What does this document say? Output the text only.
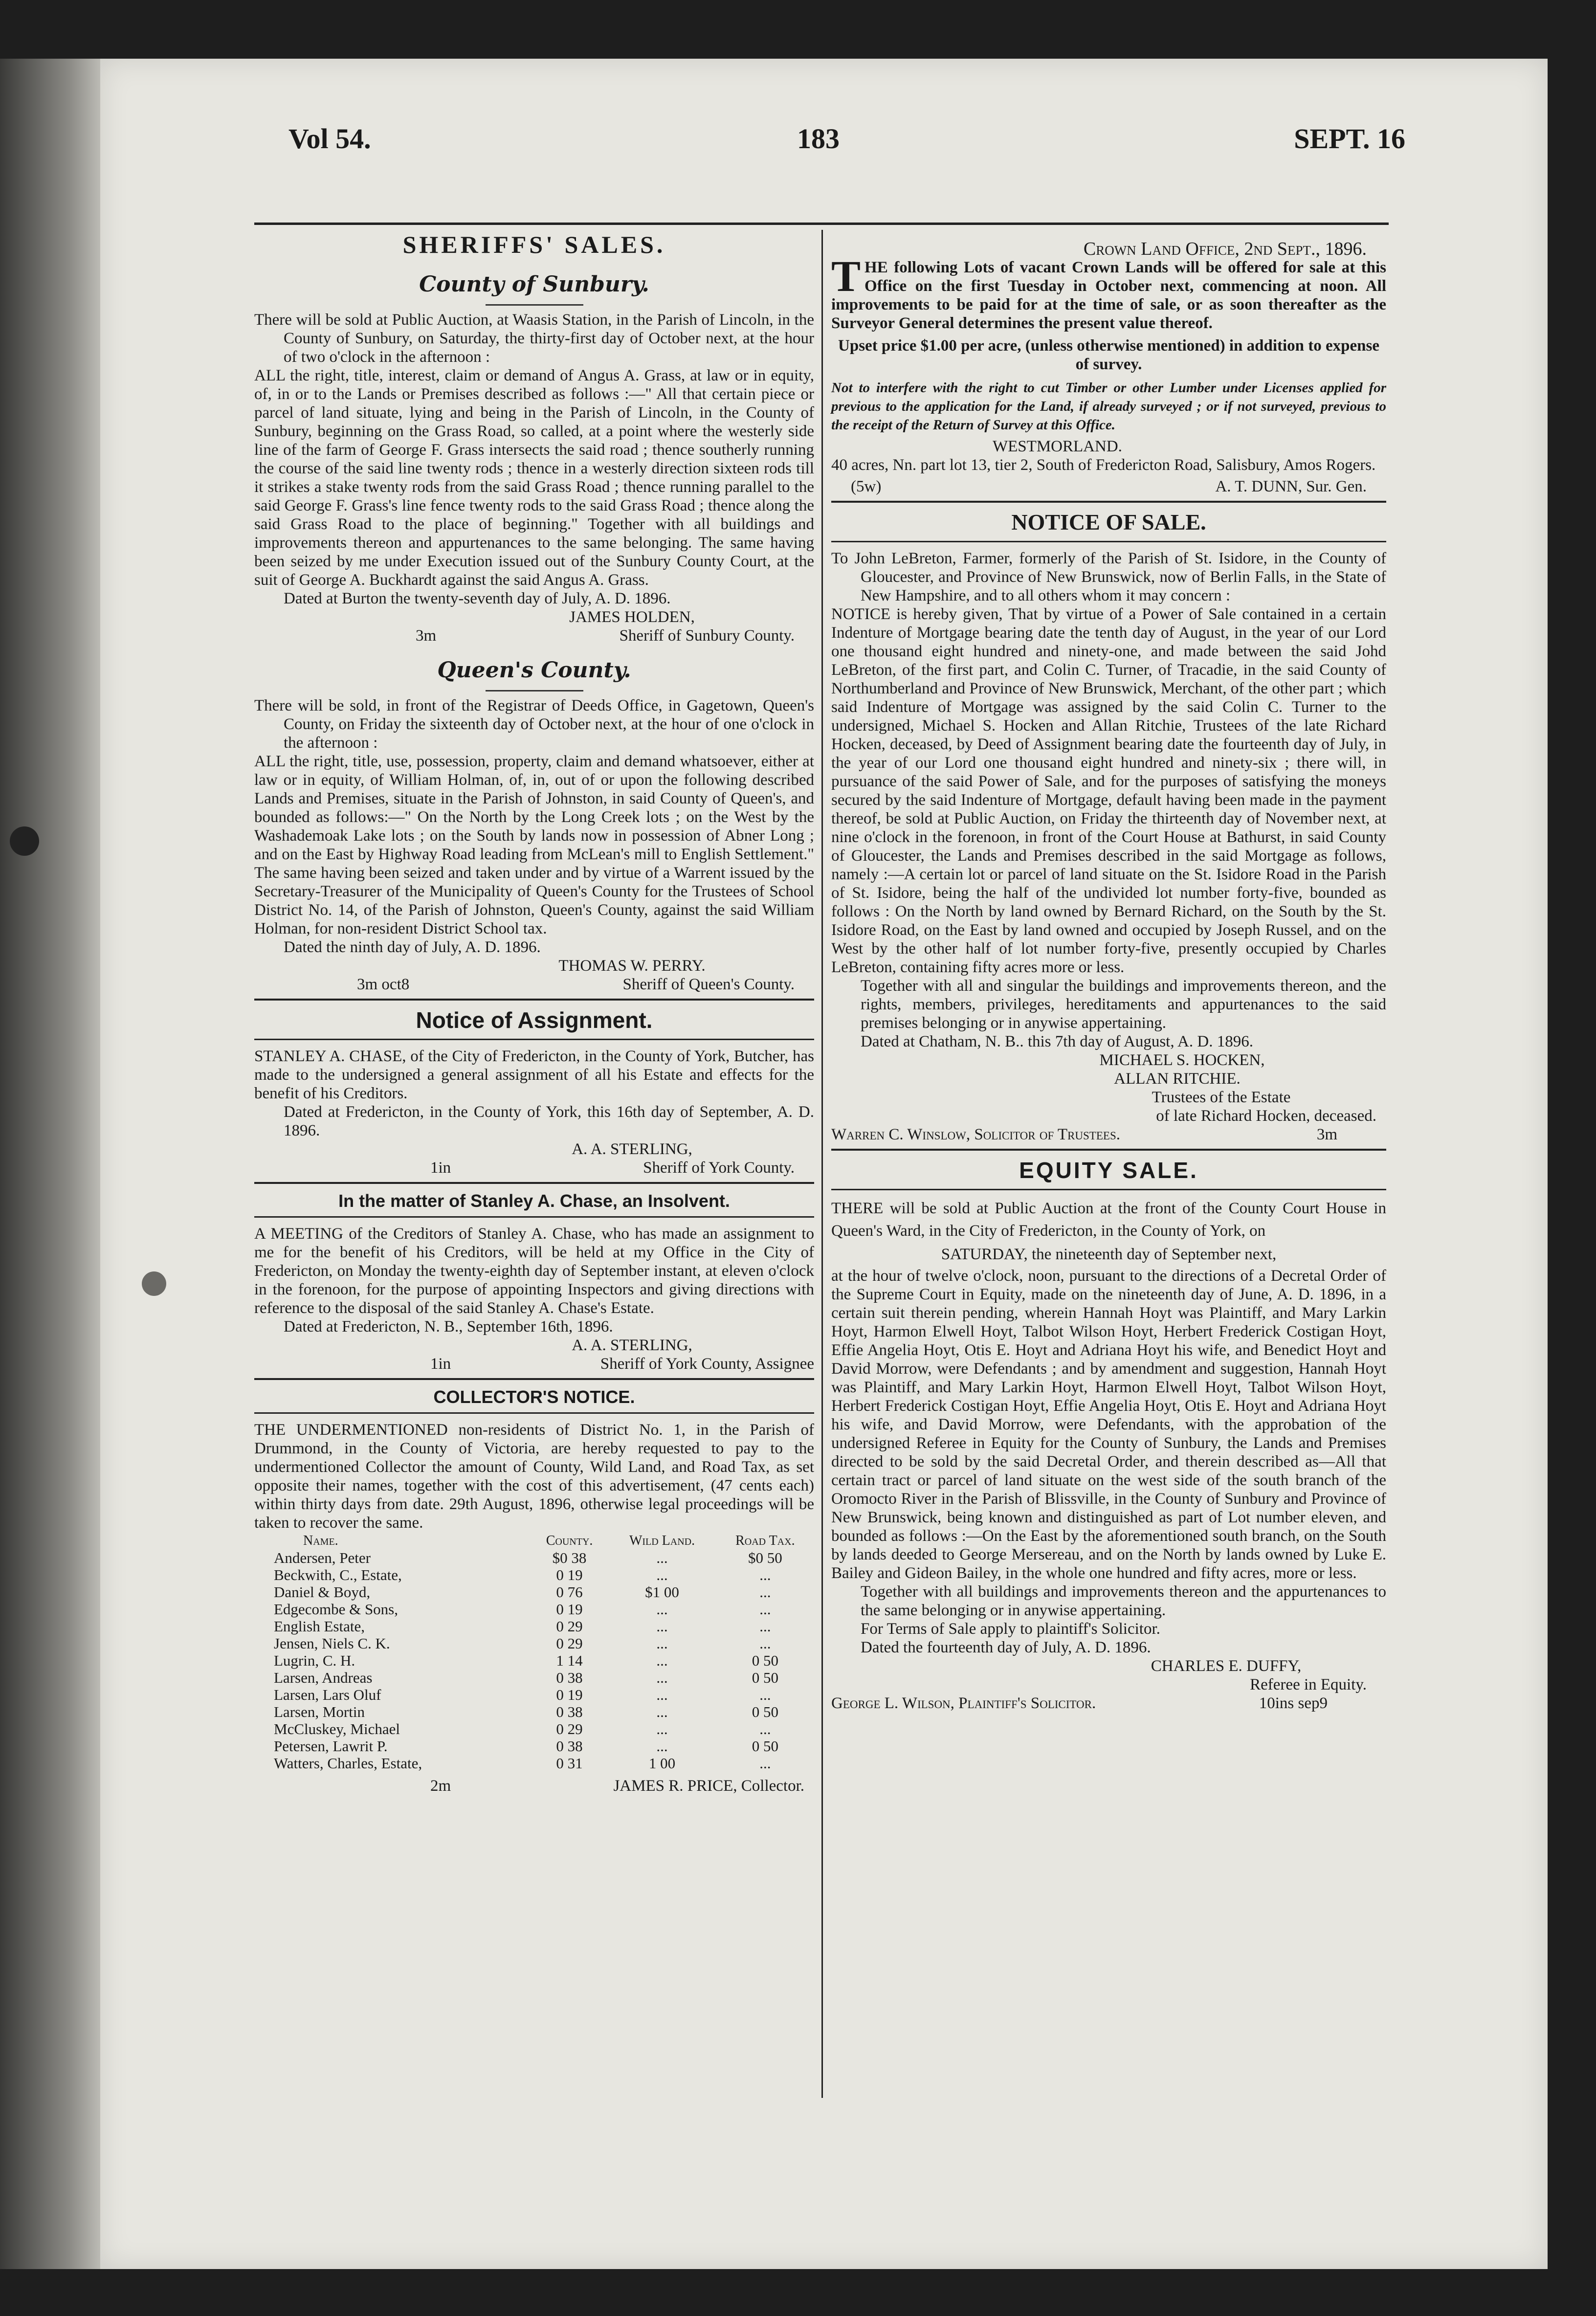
Vol 54.	183	SEPT. 16
SHERIFFS' SALES.
County of Sunbury.

There will be sold at Public Auction, at Waasis Station, in the Parish of Lincoln, in the County of Sunbury, on Saturday, the thirty-first day of October next, at the hour of two o'clock in the afternoon :

ALL the right, title, interest, claim or demand of Angus A. Grass, at law or in equity, of, in or to the Lands or Premises described as follows :—" All that certain piece or parcel of land situate, lying and being in the Parish of Lincoln, in the County of Sunbury, beginning on the Grass Road, so called, at a point where the westerly side line of the farm of George F. Grass intersects the said road ; thence southerly running the course of the said line twenty rods ; thence in a westerly direction sixteen rods till it strikes a stake twenty rods from the said Grass Road ; thence running parallel to the said George F. Grass's line fence twenty rods to the said Grass Road ; thence along the said Grass Road to the place of beginning." Together with all buildings and improvements thereon and appurtenances to the same belonging. The same having been seized by me under Execution issued out of the Sunbury County Court, at the suit of George A. Buckhardt against the said Angus A. Grass.

Dated at Burton the twenty-seventh day of July, A. D. 1896.

JAMES HOLDEN,

3m	Sheriff of Sunbury County.
Queen's County.

There will be sold, in front of the Registrar of Deeds Office, in Gagetown, Queen's County, on Friday the sixteenth day of October next, at the hour of one o'clock in the afternoon :

ALL the right, title, use, possession, property, claim and demand whatsoever, either at law or in equity, of William Holman, of, in, out of or upon the following described Lands and Premises, situate in the Parish of Johnston, in said County of Queen's, and bounded as follows:—" On the North by the Long Creek lots ; on the West by the Washademoak Lake lots ; on the South by lands now in possession of Abner Long ; and on the East by Highway Road leading from McLean's mill to English Settlement." The same having been seized and taken under and by virtue of a Warrent issued by the Secretary-Treasurer of the Municipality of Queen's County for the Trustees of School District No. 14, of the Parish of Johnston, Queen's County, against the said William Holman, for non-resident District School tax.

Dated the ninth day of July, A. D. 1896.

THOMAS W. PERRY.

3m oct8	Sheriff of Queen's County.
Notice of Assignment.

STANLEY A. CHASE, of the City of Fredericton, in the County of York, Butcher, has made to the undersigned a general assignment of all his Estate and effects for the benefit of his Creditors.

Dated at Fredericton, in the County of York, this 16th day of September, A. D. 1896.

A. A. STERLING,

1in	Sheriff of York County.
In the matter of Stanley A. Chase, an Insolvent.

A MEETING of the Creditors of Stanley A. Chase, who has made an assignment to me for the benefit of his Creditors, will be held at my Office in the City of Fredericton, on Monday the twenty-eighth day of September instant, at eleven o'clock in the forenoon, for the purpose of appointing Inspectors and giving directions with reference to the disposal of the said Stanley A. Chase's Estate.

Dated at Fredericton, N. B., September 16th, 1896.

A. A. STERLING,

1in	Sheriff of York County, Assignee
COLLECTOR'S NOTICE.

THE UNDERMENTIONED non-residents of District No. 1, in the Parish of Drummond, in the County of Victoria, are hereby requested to pay to the undermentioned Collector the amount of County, Wild Land, and Road Tax, as set opposite their names, together with the cost of this advertisement, (47 cents each) within thirty days from date. 29th August, 1896, otherwise legal proceedings will be taken to recover the same.

Name.	County.	Wild Land.	Road Tax.
Andersen, Peter	$0 38	...	$0 50
Beckwith, C., Estate,	0 19	...	...
Daniel & Boyd,	0 76	$1 00	...
Edgecombe & Sons,	0 19	...	...
English Estate,	0 29	...	...
Jensen, Niels C. K.	0 29	...	...
Lugrin, C. H.	1 14	...	0 50
Larsen, Andreas	0 38	...	0 50
Larsen, Lars Oluf	0 19	...	...
Larsen, Mortin	0 38	...	0 50
McCluskey, Michael	0 29	...	...
Petersen, Lawrit P.	0 38	...	0 50
Watters, Charles, Estate,	0 31	1 00	...
2m	JAMES R. PRICE, Collector.

Crown Land Office, 2nd Sept., 1896.

THE following Lots of vacant Crown Lands will be offered for sale at this Office on the first Tuesday in October next, commencing at noon. All improvements to be paid for at the time of sale, or as soon thereafter as the Surveyor General determines the present value thereof.

Upset price $1.00 per acre, (unless otherwise mentioned) in addition to expense of survey.

Not to interfere with the right to cut Timber or other Lumber under Licenses applied for previous to the application for the Land, if already surveyed ; or if not surveyed, previous to the receipt of the Return of Survey at this Office.

WESTMORLAND.

40 acres, Nn. part lot 13, tier 2, South of Fredericton Road, Salisbury, Amos Rogers.

(5w)	A. T. DUNN, Sur. Gen.
NOTICE OF SALE.

To John LeBreton, Farmer, formerly of the Parish of St. Isidore, in the County of Gloucester, and Province of New Brunswick, now of Berlin Falls, in the State of New Hampshire, and to all others whom it may concern :

NOTICE is hereby given, That by virtue of a Power of Sale contained in a certain Indenture of Mortgage bearing date the tenth day of August, in the year of our Lord one thousand eight hundred and ninety-one, and made between the said Johd LeBreton, of the first part, and Colin C. Turner, of Tracadie, in the said County of Northumberland and Province of New Brunswick, Merchant, of the other part ; which said Indenture of Mortgage was assigned by the said Colin C. Turner to the undersigned, Michael S. Hocken and Allan Ritchie, Trustees of the late Richard Hocken, deceased, by Deed of Assignment bearing date the fourteenth day of July, in the year of our Lord one thousand eight hundred and ninety-six ; there will, in pursuance of the said Power of Sale, and for the purposes of satisfying the moneys secured by the said Indenture of Mortgage, default having been made in the payment thereof, be sold at Public Auction, on Friday the thirteenth day of November next, at nine o'clock in the forenoon, in front of the Court House at Bathurst, in said County of Gloucester, the Lands and Premises described in the said Mortgage as follows, namely :—A certain lot or parcel of land situate on the St. Isidore Road in the Parish of St. Isidore, being the half of the undivided lot number forty-five, bounded as follows : On the North by land owned by Bernard Richard, on the South by the St. Isidore Road, on the East by land owned and occupied by Joseph Russel, and on the West by the other half of lot number forty-five, presently occupied by Charles LeBreton, containing fifty acres more or less.

Together with all and singular the buildings and improvements thereon, and the rights, members, privileges, hereditaments and appurtenances to the said premises belonging or in anywise appertaining.

Dated at Chatham, N. B.. this 7th day of August, A. D. 1896.

MICHAEL S. HOCKEN,

ALLAN RITCHIE.

Trustees of the Estate

of late Richard Hocken, deceased.

Warren C. Winslow, Solicitor of Trustees.	3m
EQUITY SALE.

THERE will be sold at Public Auction at the front of the County Court House in Queen's Ward, in the City of Fredericton, in the County of York, on

SATURDAY, the nineteenth day of September next,

at the hour of twelve o'clock, noon, pursuant to the directions of a Decretal Order of the Supreme Court in Equity, made on the nineteenth day of June, A. D. 1896, in a certain suit therein pending, wherein Hannah Hoyt was Plaintiff, and Mary Larkin Hoyt, Harmon Elwell Hoyt, Talbot Wilson Hoyt, Herbert Frederick Costigan Hoyt, Effie Angelia Hoyt, Otis E. Hoyt and Adriana Hoyt his wife, and Benedict Hoyt and David Morrow, were Defendants ; and by amendment and suggestion, Hannah Hoyt was Plaintiff, and Mary Larkin Hoyt, Harmon Elwell Hoyt, Talbot Wilson Hoyt, Herbert Frederick Costigan Hoyt, Effie Angelia Hoyt, Otis E. Hoyt and Adriana Hoyt his wife, and David Morrow, were Defendants, with the approbation of the undersigned Referee in Equity for the County of Sunbury, the Lands and Premises directed to be sold by the said Decretal Order, and therein described as—All that certain tract or parcel of land situate on the west side of the south branch of the Oromocto River in the Parish of Blissville, in the County of Sunbury and Province of New Brunswick, being known and distinguished as part of Lot number eleven, and bounded as follows :—On the East by the aforementioned south branch, on the South by lands deeded to George Mersereau, and on the North by lands owned by Luke E. Bailey and Gideon Bailey, in the whole one hundred and fifty acres, more or less.

Together with all buildings and improvements thereon and the appurtenances to the same belonging or in anywise appertaining.

For Terms of Sale apply to plaintiff's Solicitor.

Dated the fourteenth day of July, A. D. 1896.

CHARLES E. DUFFY,

Referee in Equity.

George L. Wilson, Plaintiff's Solicitor.	10ins sep9
